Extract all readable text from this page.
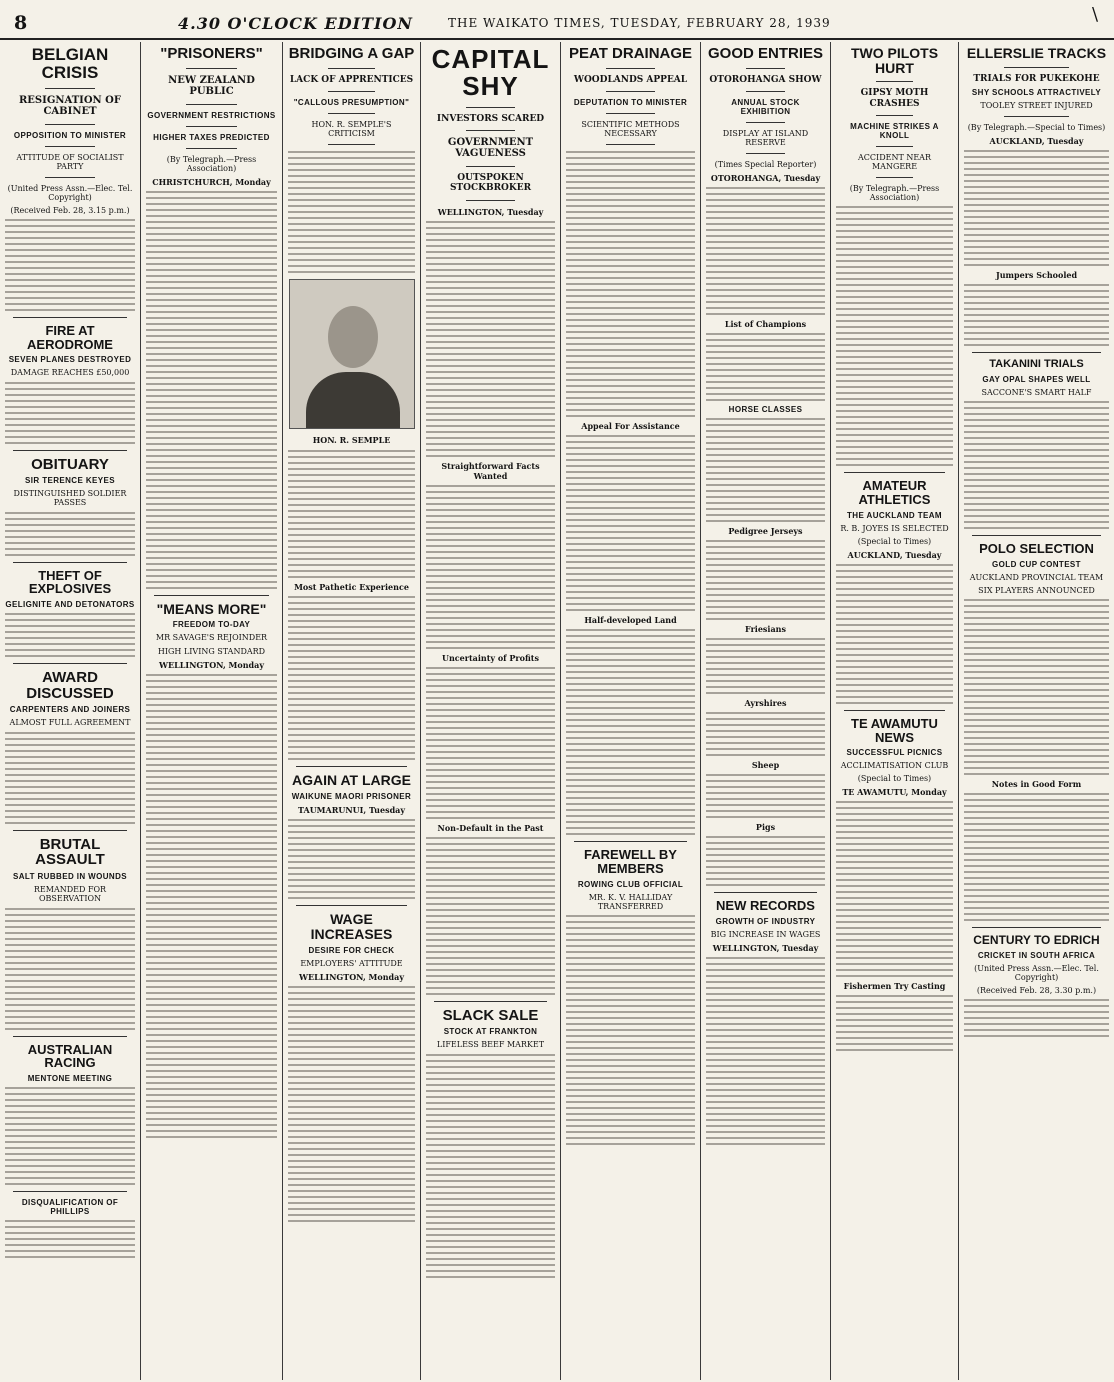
8	4.30 O'CLOCK EDITION	THE WAIKATO TIMES, TUESDAY, FEBRUARY 28, 1939	\
BELGIAN CRISIS
RESIGNATION OF CABINET
OPPOSITION TO MINISTER
ATTITUDE OF SOCIALIST PARTY
(United Press Assn.—Elec. Tel. Copyright)
(Received Feb. 28, 3.15 p.m.)
FIRE AT AERODROME
SEVEN PLANES DESTROYED
DAMAGE REACHES £50,000
OBITUARY
SIR TERENCE KEYES
DISTINGUISHED SOLDIER PASSES
THEFT OF EXPLOSIVES
GELIGNITE AND DETONATORS
AWARD DISCUSSED
CARPENTERS AND JOINERS
ALMOST FULL AGREEMENT
BRUTAL ASSAULT
SALT RUBBED IN WOUNDS
REMANDED FOR OBSERVATION
AUSTRALIAN RACING
MENTONE MEETING
DISQUALIFICATION OF PHILLIPS
"PRISONERS"
NEW ZEALAND PUBLIC
GOVERNMENT RESTRICTIONS
HIGHER TAXES PREDICTED
(By Telegraph.—Press Association)
CHRISTCHURCH, Monday
"MEANS MORE"
FREEDOM TO-DAY
MR SAVAGE'S REJOINDER
HIGH LIVING STANDARD
WELLINGTON, Monday
BRIDGING A GAP
LACK OF APPRENTICES
"CALLOUS PRESUMPTION"
HON. R. SEMPLE'S CRITICISM
HON. R. SEMPLE
Most Pathetic Experience
AGAIN AT LARGE
WAIKUNE MAORI PRISONER
TAUMARUNUI, Tuesday
WAGE INCREASES
DESIRE FOR CHECK
EMPLOYERS' ATTITUDE
WELLINGTON, Monday
CAPITAL SHY
INVESTORS SCARED
GOVERNMENT VAGUENESS
OUTSPOKEN STOCKBROKER
WELLINGTON, Tuesday
Straightforward Facts Wanted
Uncertainty of Profits
Non-Default in the Past
SLACK SALE
STOCK AT FRANKTON
LIFELESS BEEF MARKET
PEAT DRAINAGE
WOODLANDS APPEAL
DEPUTATION TO MINISTER
SCIENTIFIC METHODS NECESSARY
Appeal For Assistance
Half-developed Land
FAREWELL BY MEMBERS
ROWING CLUB OFFICIAL
MR. K. V. HALLIDAY TRANSFERRED
GOOD ENTRIES
OTOROHANGA SHOW
ANNUAL STOCK EXHIBITION
DISPLAY AT ISLAND RESERVE
(Times Special Reporter)
OTOROHANGA, Tuesday
List of Champions
HORSE CLASSES
Pedigree Jerseys
Friesians
Ayrshires
Sheep
Pigs
NEW RECORDS
GROWTH OF INDUSTRY
BIG INCREASE IN WAGES
WELLINGTON, Tuesday
TWO PILOTS HURT
GIPSY MOTH CRASHES
MACHINE STRIKES A KNOLL
ACCIDENT NEAR MANGERE
(By Telegraph.—Press Association)
AMATEUR ATHLETICS
THE AUCKLAND TEAM
R. B. JOYES IS SELECTED
(Special to Times)
AUCKLAND, Tuesday
TE AWAMUTU NEWS
SUCCESSFUL PICNICS
ACCLIMATISATION CLUB
(Special to Times)
TE AWAMUTU, Monday
Fishermen Try Casting
ELLERSLIE TRACKS
TRIALS FOR PUKEKOHE
SHY SCHOOLS ATTRACTIVELY
TOOLEY STREET INJURED
(By Telegraph.—Special to Times)
AUCKLAND, Tuesday
Jumpers Schooled
TAKANINI TRIALS
GAY OPAL SHAPES WELL
SACCONE'S SMART HALF
POLO SELECTION
GOLD CUP CONTEST
AUCKLAND PROVINCIAL TEAM
SIX PLAYERS ANNOUNCED
Notes in Good Form
CENTURY TO EDRICH
CRICKET IN SOUTH AFRICA
(United Press Assn.—Elec. Tel. Copyright)
(Received Feb. 28, 3.30 p.m.)
